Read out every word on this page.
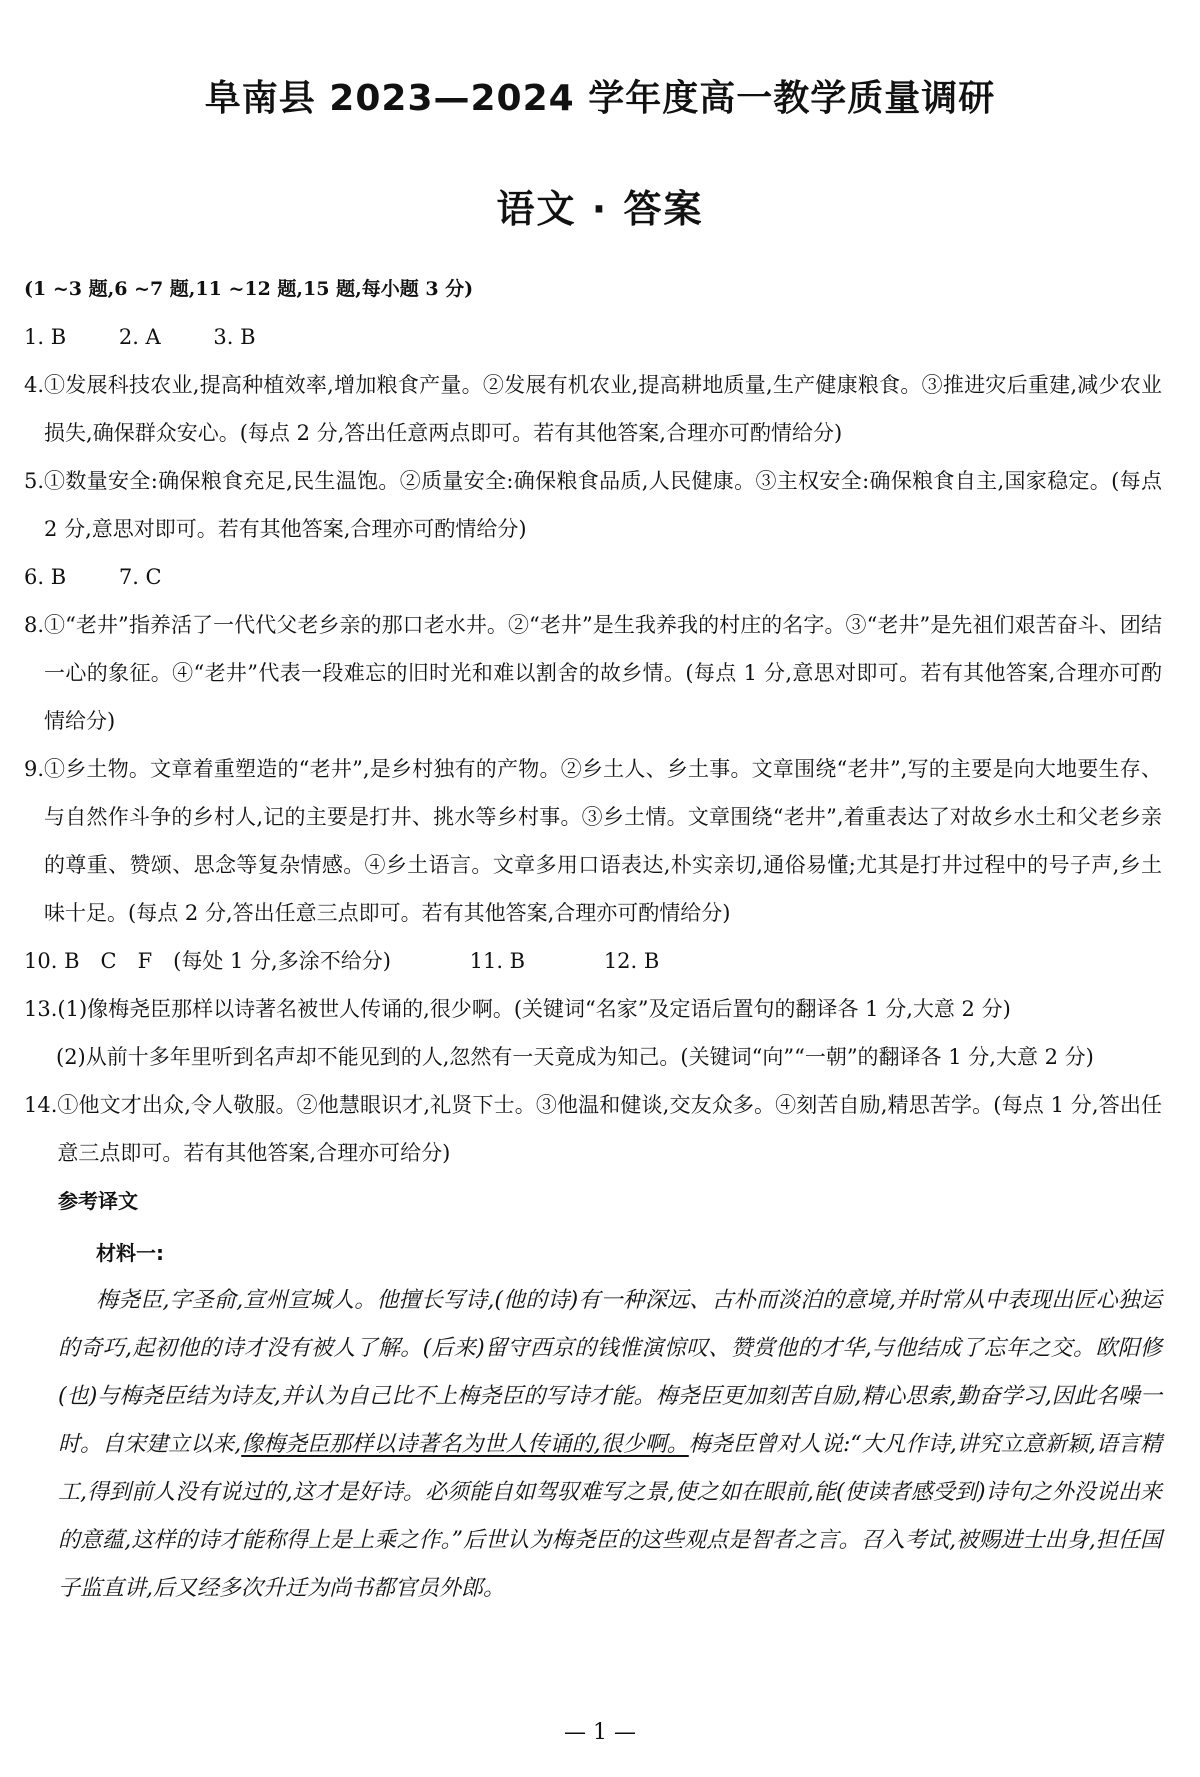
阜南县 2023—2024 学年度高一教学质量调研
语文 · 答案
(1 ~3 题,6 ~7 题,11 ~12 题,15 题,每小题 3 分)
1. B	2. A	3. B
4. ①发展科技农业,提高种植效率,增加粮食产量。②发展有机农业,提高耕地质量,生产健康粮食。③推进灾后重建,减少农业损失,确保群众安心。(每点 2 分,答出任意两点即可。若有其他答案,合理亦可酌情给分)
5. ①数量安全:确保粮食充足,民生温饱。②质量安全:确保粮食品质,人民健康。③主权安全:确保粮食自主,国家稳定。(每点 2 分,意思对即可。若有其他答案,合理亦可酌情给分)
6. B	7. C
8. ①“老井”指养活了一代代父老乡亲的那口老水井。②“老井”是生我养我的村庄的名字。③“老井”是先祖们艰苦奋斗、团结一心的象征。④“老井”代表一段难忘的旧时光和难以割舍的故乡情。(每点 1 分,意思对即可。若有其他答案,合理亦可酌情给分)
9. ①乡土物。文章着重塑造的“老井”,是乡村独有的产物。②乡土人、乡土事。文章围绕“老井”,写的主要是向大地要生存、与自然作斗争的乡村人,记的主要是打井、挑水等乡村事。③乡土情。文章围绕“老井”,着重表达了对故乡水土和父老乡亲的尊重、赞颂、思念等复杂情感。④乡土语言。文章多用口语表达,朴实亲切,通俗易懂;尤其是打井过程中的号子声,乡土味十足。(每点 2 分,答出任意三点即可。若有其他答案,合理亦可酌情给分)
10. B　C　F　(每处 1 分,多涂不给分)	11. B	12. B
13. (1)像梅尧臣那样以诗著名被世人传诵的,很少啊。(关键词“名家”及定语后置句的翻译各 1 分,大意 2 分)
(2)从前十多年里听到名声却不能见到的人,忽然有一天竟成为知己。(关键词“向”“一朝”的翻译各 1 分,大意 2 分)
14. ①他文才出众,令人敬服。②他慧眼识才,礼贤下士。③他温和健谈,交友众多。④刻苦自励,精思苦学。(每点 1 分,答出任意三点即可。若有其他答案,合理亦可给分)
参考译文
材料一:
梅尧臣,字圣俞,宣州宣城人。他擅长写诗,(他的诗)有一种深远、古朴而淡泊的意境,并时常从中表现出匠心独运的奇巧,起初他的诗才没有被人了解。(后来)留守西京的钱惟演惊叹、赞赏他的才华,与他结成了忘年之交。欧阳修(也)与梅尧臣结为诗友,并认为自己比不上梅尧臣的写诗才能。梅尧臣更加刻苦自励,精心思索,勤奋学习,因此名噪一时。自宋建立以来,像梅尧臣那样以诗著名为世人传诵的,很少啊。梅尧臣曾对人说:“大凡作诗,讲究立意新颖,语言精工,得到前人没有说过的,这才是好诗。必须能自如驾驭难写之景,使之如在眼前,能(使读者感受到)诗句之外没说出来的意蕴,这样的诗才能称得上是上乘之作。”后世认为梅尧臣的这些观点是智者之言。召入考试,被赐进士出身,担任国子监直讲,后又经多次升迁为尚书都官员外郎。
— 1 —
